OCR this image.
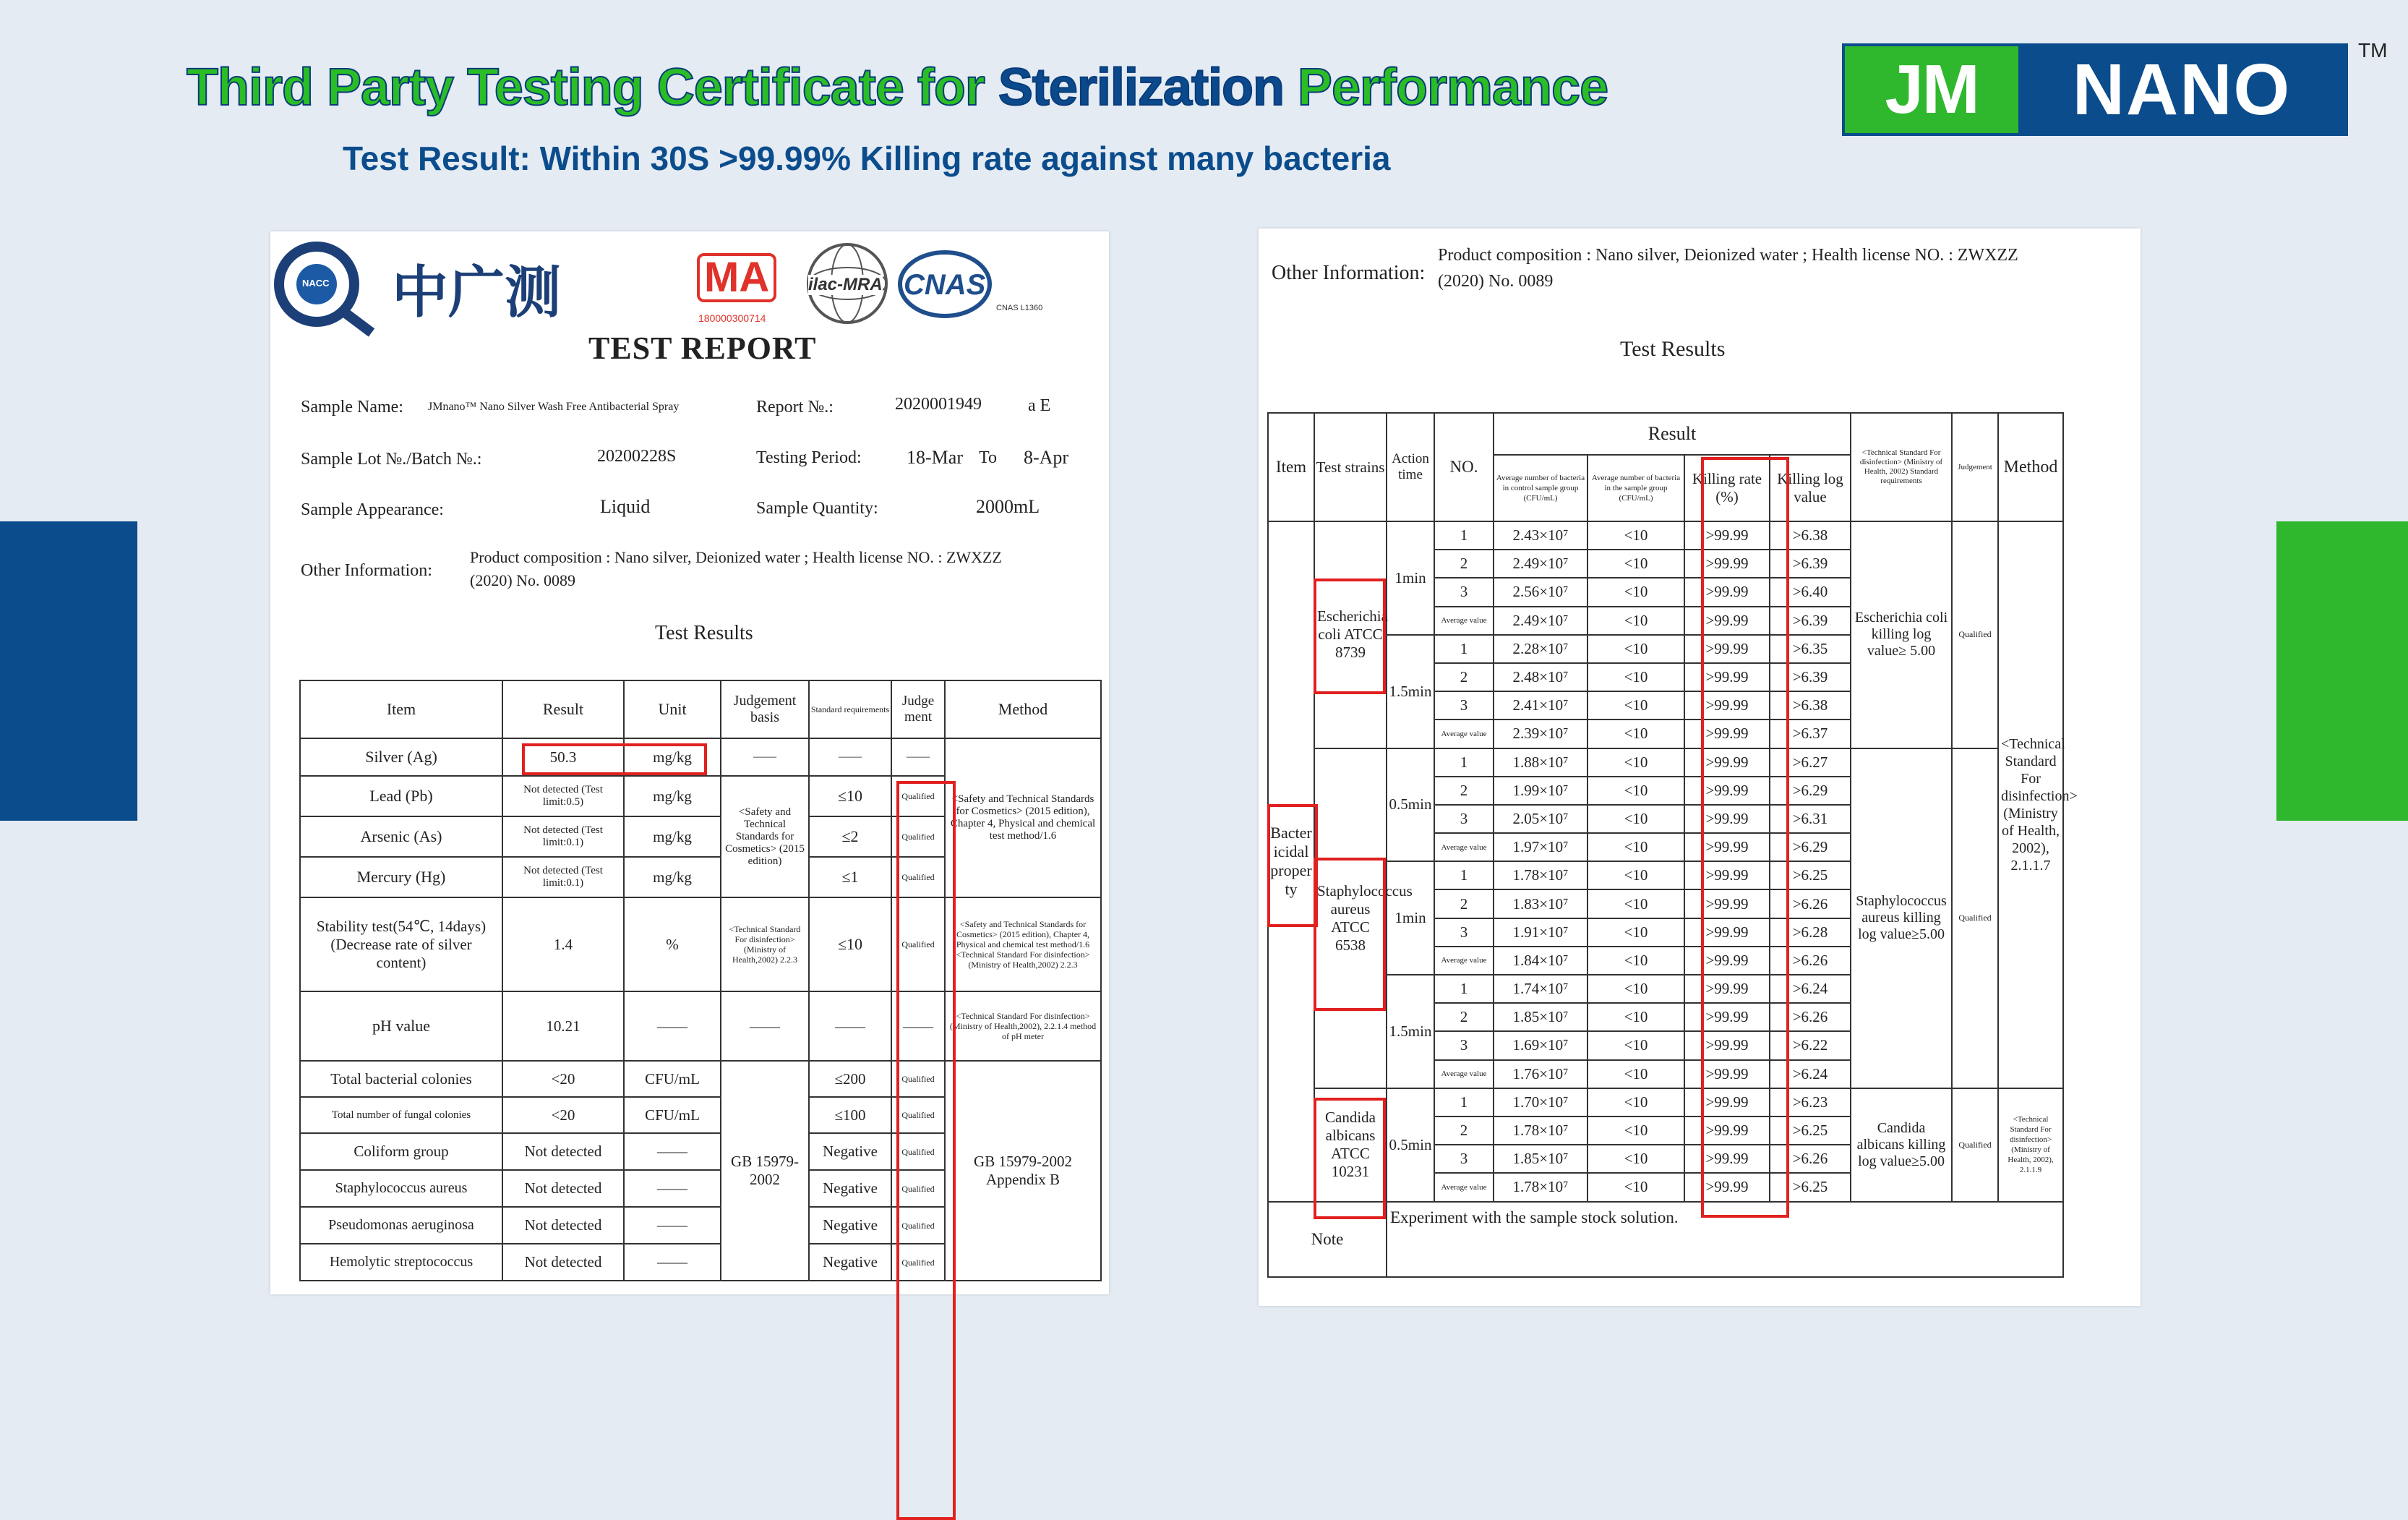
Third Party Testing Certificate for Sterilization Performance
Test Result: Within 30S >99.99% Killing rate against many bacteria
JM	NANO	TM
NACC 中广测	MA
180000300714
ilac-MRA CNAS
CNAS L1360
TEST REPORT
Sample Name: JMnano™ Nano Silver Wash Free Antibacterial Spray	Report №.:	2020001949	a E
Sample Lot №./Batch №.:	20200228S	Testing Period: 18-Mar To 8-Apr
Sample Appearance:	Liquid	Sample Quantity:	2000mL
Other Information:
Product composition : Nano silver, Deionized water ; Health license NO. : ZWXZZ
(2020) No. 0089
Test Results
Item	Result	Unit	Judgement basis	Standard requirements	Judge ment	Method
Silver (Ag)	50.3	mg/kg	——	——	——	<Safety and Technical Standards for Cosmetics> (2015 edition), Chapter 4, Physical and chemical test method/1.6
Lead (Pb)	Not detected (Test limit:0.5)	mg/kg	<Safety and Technical Standards for Cosmetics> (2015 edition)	≤10	Qualified	
Arsenic (As)	Not detected (Test limit:0.1)	mg/kg		≤2	Qualified	
Mercury (Hg)	Not detected (Test limit:0.1)	mg/kg		≤1	Qualified	
Stability test(54℃, 14days) (Decrease rate of silver content)	1.4	%	<Technical Standard For disinfection> (Ministry of Health,2002) 2.2.3	≤10	Qualified	<Safety and Technical Standards for Cosmetics> (2015 edition), Chapter 4, Physical and chemical test method/1.6 <Technical Standard For disinfection> (Ministry of Health,2002) 2.2.3
pH value	10.21	——	——	——	——	<Technical Standard For disinfection> (Ministry of Health,2002), 2.2.1.4 method of pH meter
Total bacterial colonies	<20	CFU/mL	GB 15979-2002	≤200	Qualified	GB 15979-2002 Appendix B
Total number of fungal colonies	<20	CFU/mL		≤100	Qualified	
Coliform group	Not detected	——		Negative	Qualified	
Staphylococcus aureus	Not detected	——		Negative	Qualified	
Pseudomonas aeruginosa	Not detected	——		Negative	Qualified	
Hemolytic streptococcus	Not detected	——		Negative	Qualified	
Other Information:
Product composition : Nano silver, Deionized water ; Health license NO. : ZWXZZ
(2020) No. 0089
Test Results
Item	Test strains	Action time	NO.	Result				<Technical Standard For disinfection> (Ministry of Health, 2002) Standard requirements	Judgement	Method
				Average number of bacteria in control sample group (CFU/mL)	Average number of bacteria in the sample group (CFU/mL)	Killing rate (%)	Killing log value			
Bactericidal property	Escherichia coli ATCC 8739	1min	1	2.43×10⁷	<10	>99.99	>6.38	Escherichia coli killing log value≥ 5.00	Qualified	<Technical Standard For disinfection> (Ministry of Health, 2002), 2.1.1.7
			2	2.49×10⁷	<10	>99.99	>6.39			
			3	2.56×10⁷	<10	>99.99	>6.40			
			Average value	2.49×10⁷	<10	>99.99	>6.39			
		1.5min	1	2.28×10⁷	<10	>99.99	>6.35			
			2	2.48×10⁷	<10	>99.99	>6.39			
			3	2.41×10⁷	<10	>99.99	>6.38			
			Average value	2.39×10⁷	<10	>99.99	>6.37			
	Staphylococcus aureus ATCC 6538	0.5min	1	1.88×10⁷	<10	>99.99	>6.27	Staphylococcus aureus killing log value≥5.00	Qualified	
			2	1.99×10⁷	<10	>99.99	>6.29			
			3	2.05×10⁷	<10	>99.99	>6.31			
			Average value	1.97×10⁷	<10	>99.99	>6.29			
		1min	1	1.78×10⁷	<10	>99.99	>6.25			
			2	1.83×10⁷	<10	>99.99	>6.26			
			3	1.91×10⁷	<10	>99.99	>6.28			
			Average value	1.84×10⁷	<10	>99.99	>6.26			
		1.5min	1	1.74×10⁷	<10	>99.99	>6.24			
			2	1.85×10⁷	<10	>99.99	>6.26			
			3	1.69×10⁷	<10	>99.99	>6.22			
			Average value	1.76×10⁷	<10	>99.99	>6.24			
	Candida albicans ATCC 10231	0.5min	1	1.70×10⁷	<10	>99.99	>6.23	Candida albicans killing log value≥5.00	Qualified	<Technical Standard For disinfection> (Ministry of Health, 2002), 2.1.1.9
			2	1.78×10⁷	<10	>99.99	>6.25			
			3	1.85×10⁷	<10	>99.99	>6.26			
			Average value	1.78×10⁷	<10	>99.99	>6.25			
Note		Experiment with the sample stock solution.								
